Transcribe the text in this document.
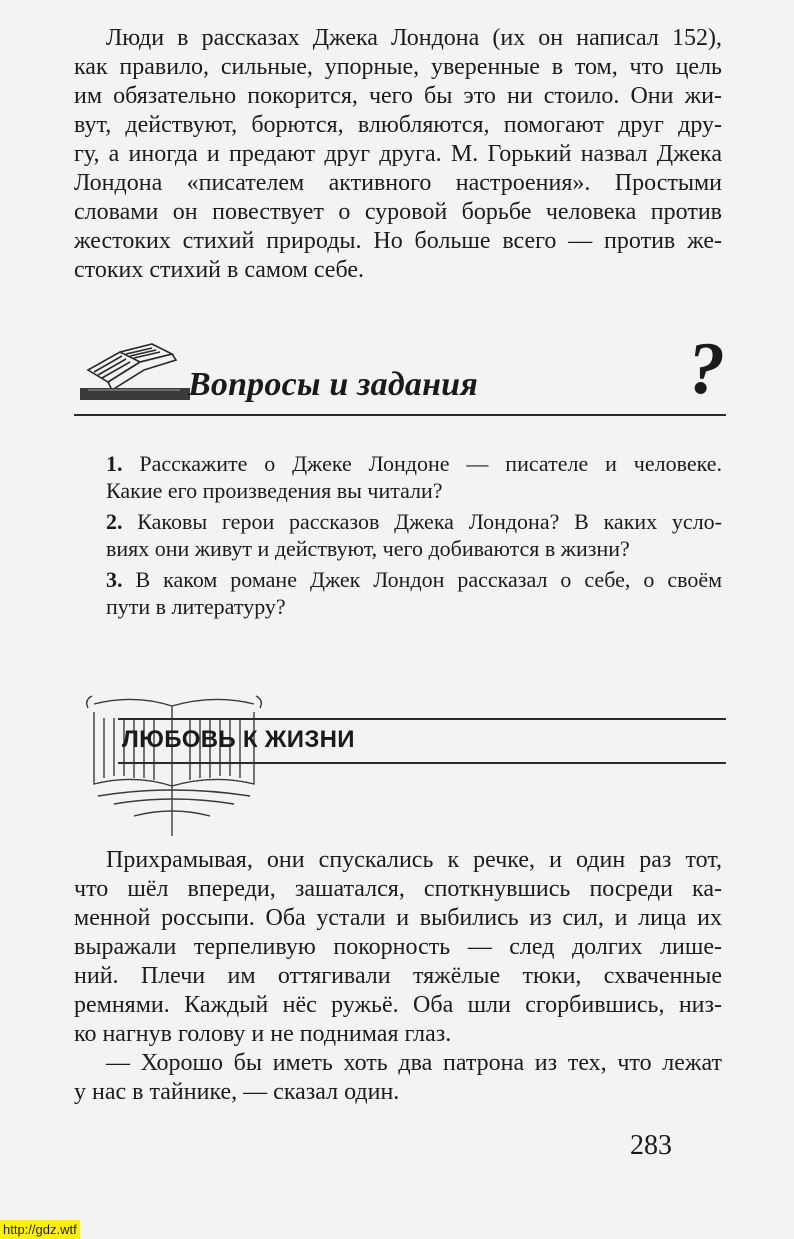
Люди в рассказах Джека Лондона (их он написал 152),
как правило, сильные, упорные, уверенные в том, что цель
им обязательно покорится, чего бы это ни стоило. Они жи-
вут, действуют, борются, влюбляются, помогают друг дру-
гу, а иногда и предают друг друга. М. Горький назвал Джека
Лондона «писателем активного настроения». Простыми
словами он повествует о суровой борьбе человека против
жестоких стихий природы. Но больше всего — против же-
стоких стихий в самом себе.
Вопросы и задания	?
1. Расскажите о Джеке Лондоне — писателе и человеке.
Какие его произведения вы читали?
2. Каковы герои рассказов Джека Лондона? В каких усло-
виях они живут и действуют, чего добиваются в жизни?
3. В каком романе Джек Лондон рассказал о себе, о своём
пути в литературу?
ЛЮБОВЬ К ЖИЗНИ
Прихрамывая, они спускались к речке, и один раз тот,
что шёл впереди, зашатался, споткнувшись посреди ка-
менной россыпи. Оба устали и выбились из сил, и лица их
выражали терпеливую покорность — след долгих лише-
ний. Плечи им оттягивали тяжёлые тюки, схваченные
ремнями. Каждый нёс ружьё. Оба шли сгорбившись, низ-
ко нагнув голову и не поднимая глаз.
— Хорошо бы иметь хоть два патрона из тех, что лежат
у нас в тайнике, — сказал один.
283
http://gdz.wtf
